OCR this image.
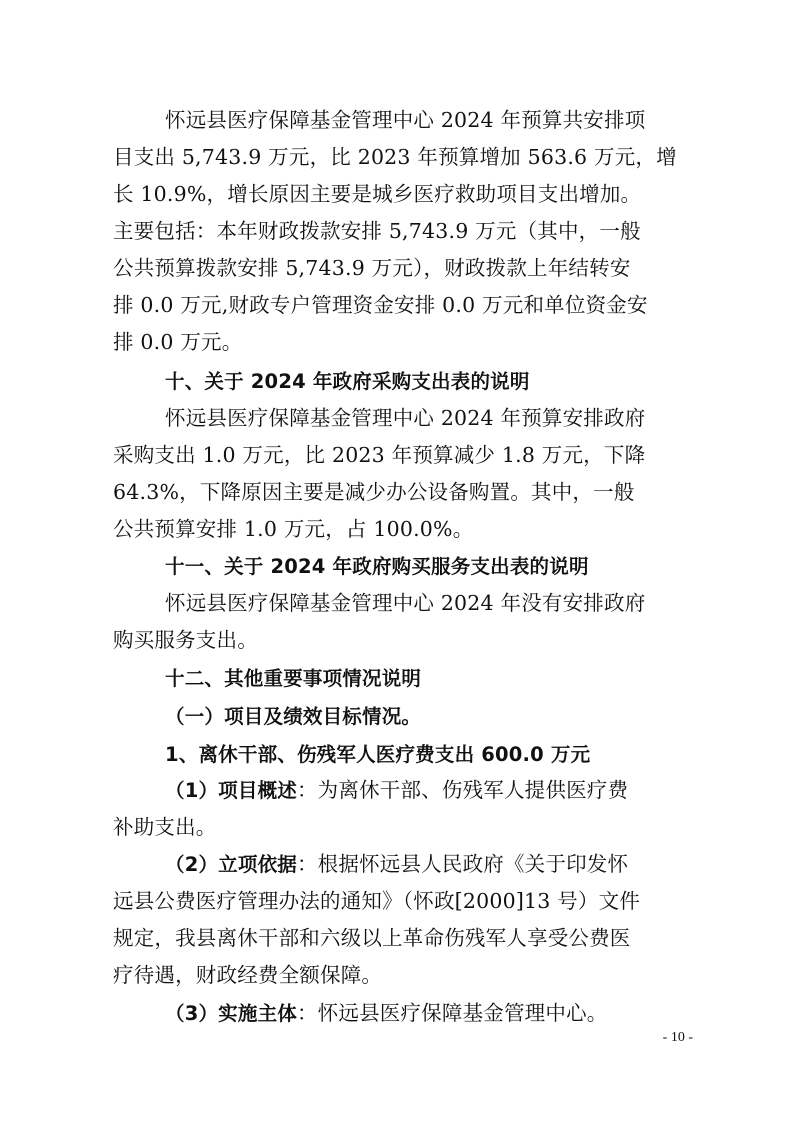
怀远县医疗保障基金管理中心 2024 年预算共安排项
目支出 5,743.9 万元，比 2023 年预算增加 563.6 万元，增
长 10.9%，增长原因主要是城乡医疗救助项目支出增加。
主要包括：本年财政拨款安排 5,743.9 万元（其中，一般
公共预算拨款安排 5,743.9 万元），财政拨款上年结转安
排 0.0 万元,财政专户管理资金安排 0.0 万元和单位资金安
排 0.0 万元。
十、关于 2024 年政府采购支出表的说明
怀远县医疗保障基金管理中心 2024 年预算安排政府
采购支出 1.0 万元，比 2023 年预算减少 1.8 万元，下降
64.3%，下降原因主要是减少办公设备购置。其中，一般
公共预算安排 1.0 万元，占 100.0%。
十一、关于 2024 年政府购买服务支出表的说明
怀远县医疗保障基金管理中心 2024 年没有安排政府
购买服务支出。
十二、其他重要事项情况说明
（一）项目及绩效目标情况。
1、离休干部、伤残军人医疗费支出 600.0 万元
（1）项目概述：为离休干部、伤残军人提供医疗费
补助支出。
（2）立项依据：根据怀远县人民政府《关于印发怀
远县公费医疗管理办法的通知》（怀政[2000]13 号）文件
规定，我县离休干部和六级以上革命伤残军人享受公费医
疗待遇，财政经费全额保障。
（3）实施主体：怀远县医疗保障基金管理中心。
- 10 -
